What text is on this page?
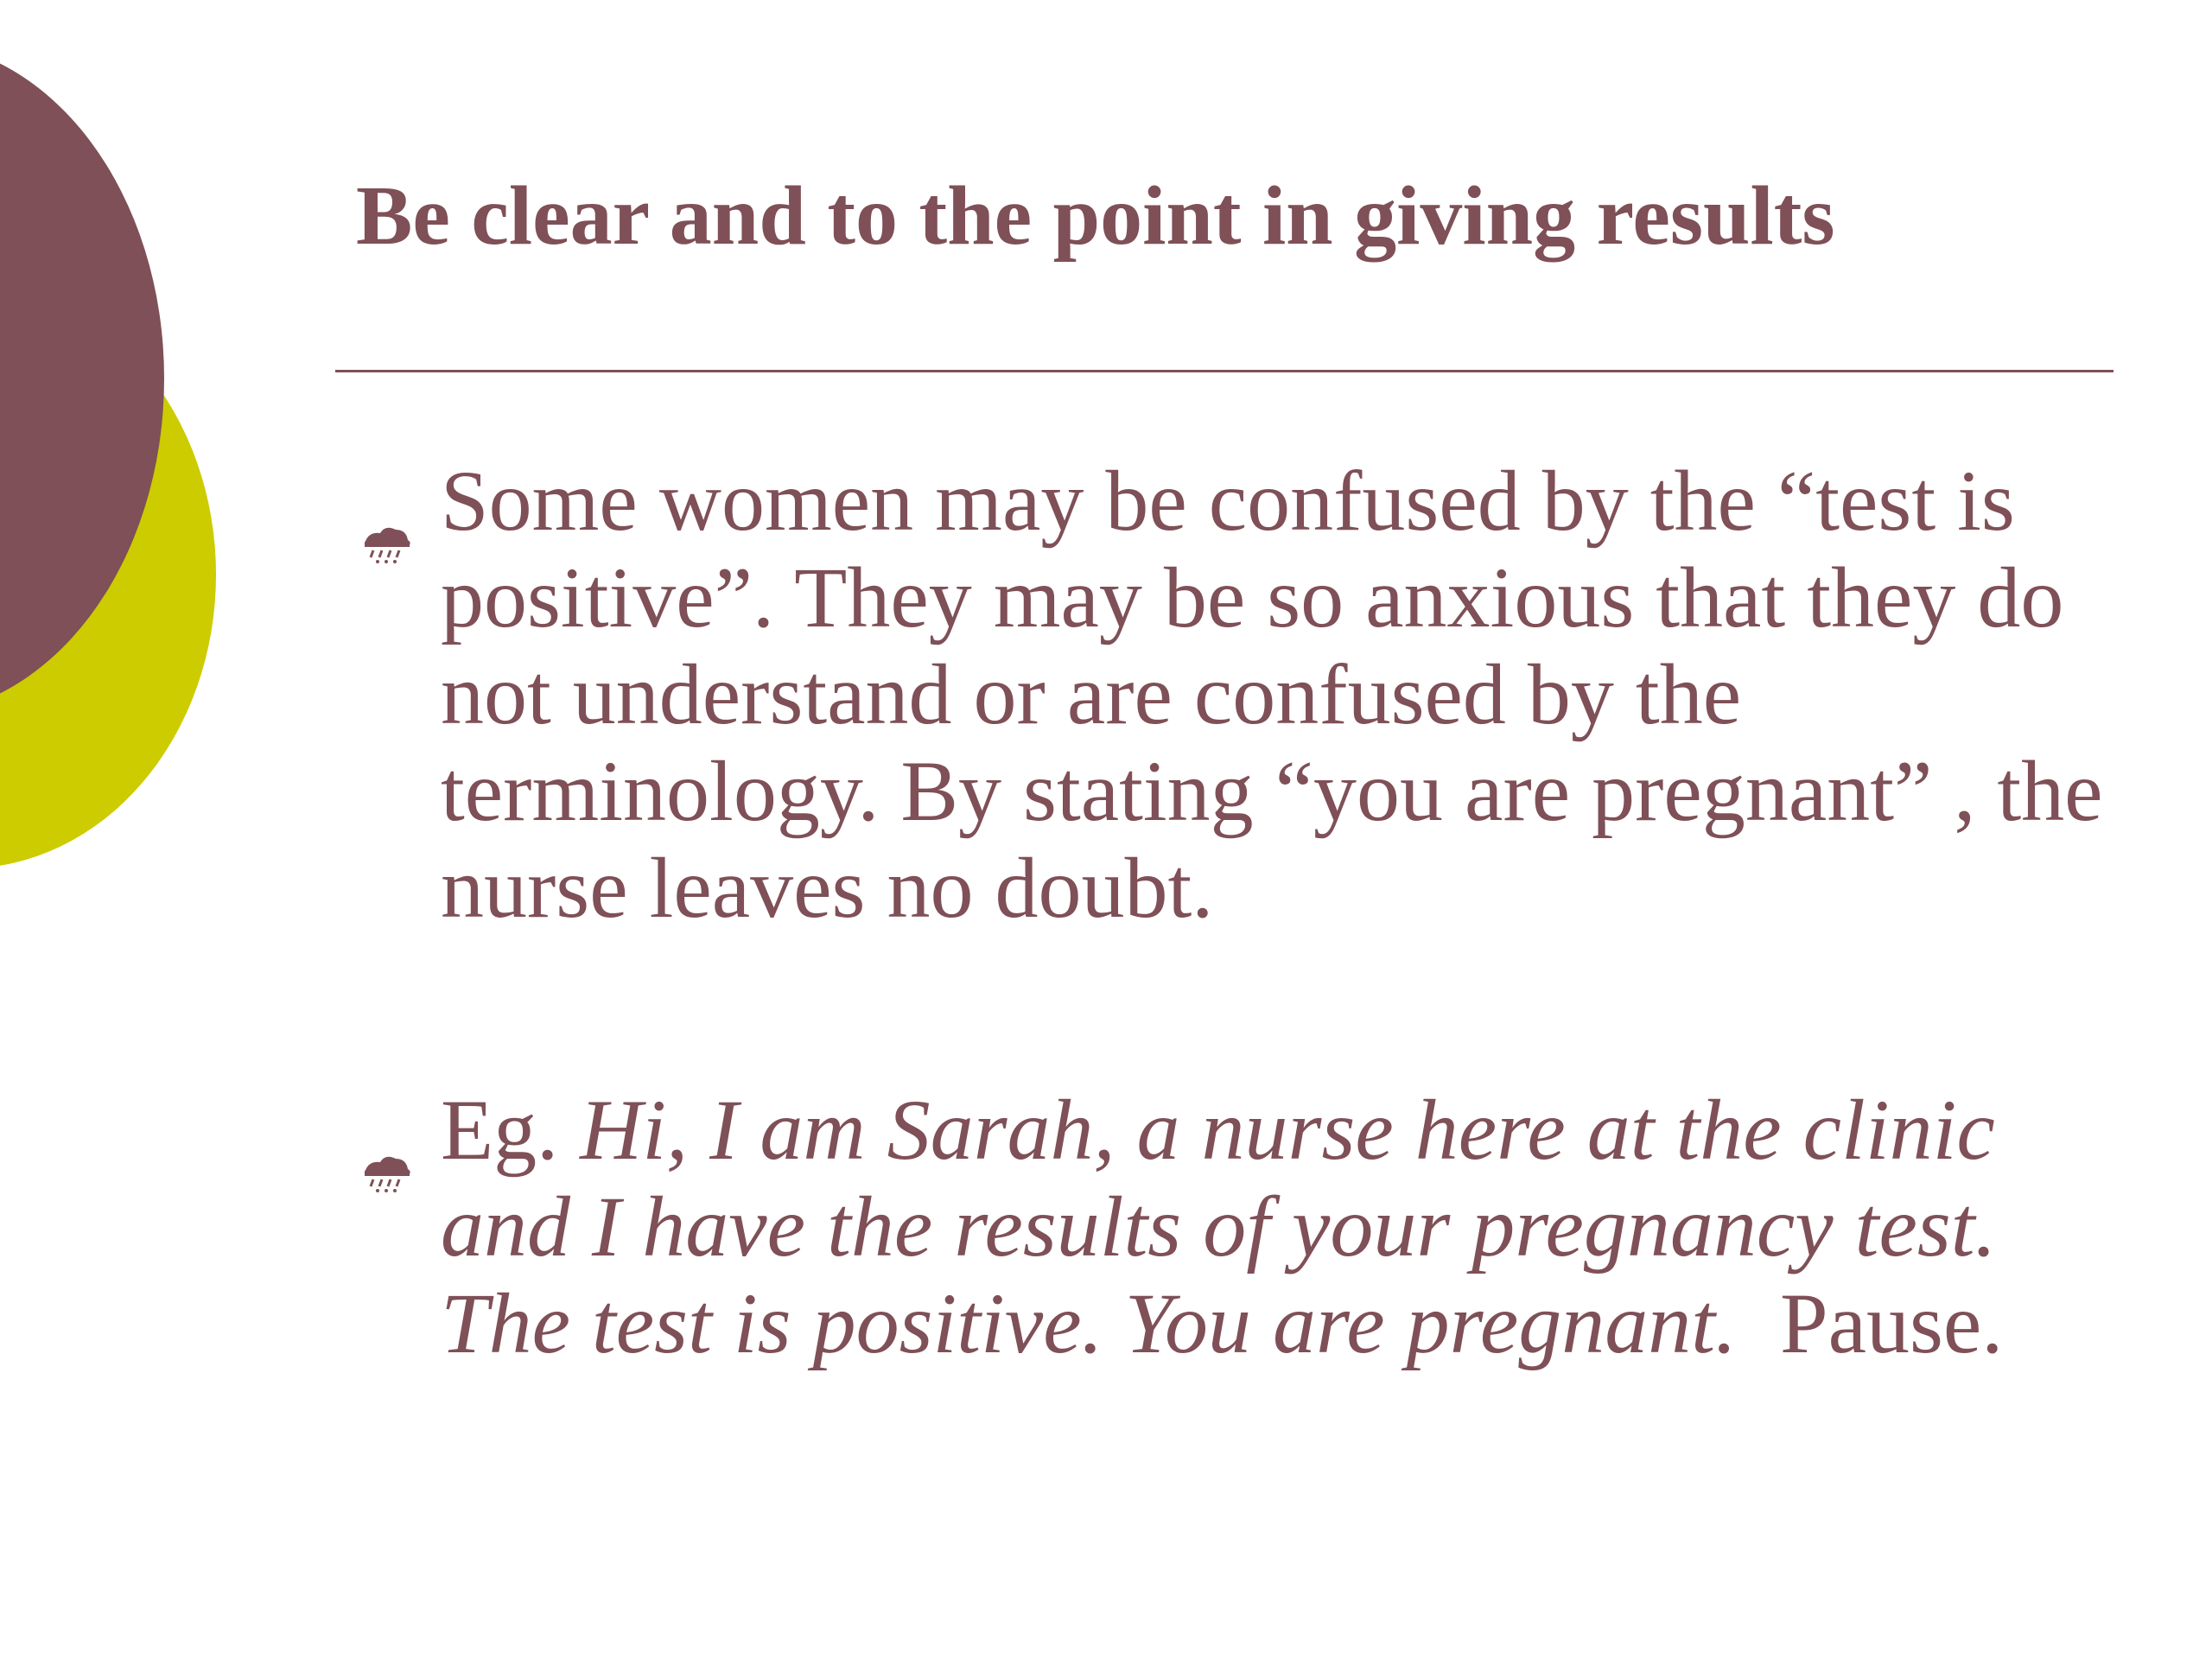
Be clear and to the point in giving results
Some women may be confused by the “test is positive”. They may be so anxious that they do not understand or are confused by the terminology. By stating “you are pregnant” , the nurse leaves no doubt.
Eg. Hi, I am Sarah, a nurse here at the clinic and I have the results of your pregnancy test. The test is positive. You are pregnant.  Pause.
